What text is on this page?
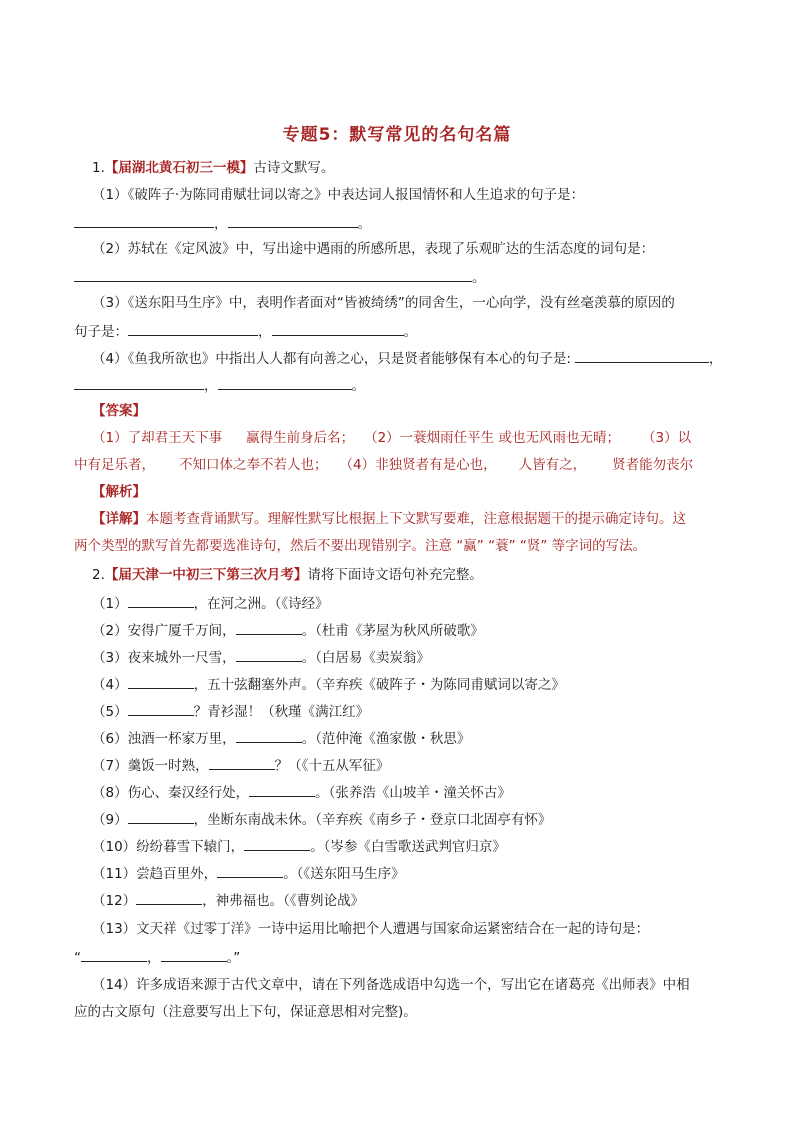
专题5：默写常见的名句名篇
1.【届湖北黄石初三一模】古诗文默写。
（1）《破阵子·为陈同甫赋壮词以寄之》中表达词人报国情怀和人生追求的句子是：
，	。
（2）苏轼在《定风波》中，写出途中遇雨的所感所思，表现了乐观旷达的生活态度的词句是：
。
（3）《送东阳马生序》中，表明作者面对“皆被绮绣”的同舍生，一心向学，没有丝毫羡慕的原因的
句子是：	，	。
（4）《鱼我所欲也》中指出人人都有向善之心，只是贤者能够保有本心的句子是:	，
，	。
【答案】
（1）了却君王天下事 赢得生前身后名； （2）一蓑烟雨任平生 或也无风雨也无晴； （3）以
中有足乐者， 不知口体之奉不若人也； （4）非独贤者有是心也， 人皆有之， 贤者能勿丧尔
【解析】
【详解】本题考查背诵默写。理解性默写比根据上下文默写要难，注意根据题干的提示确定诗句。这
两个类型的默写首先都要选准诗句，然后不要出现错别字。注意 “赢” “蓑” “贤” 等字词的写法。
2.【届天津一中初三下第三次月考】请将下面诗文语句补充完整。
（1）	，在河之洲。（《诗经》
（2）安得广厦千万间，	。（杜甫《茅屋为秋风所破歌》
（3）夜来城外一尺雪，	。（白居易《卖炭翁》
（4）	，五十弦翻塞外声。（辛弃疾《破阵子・为陈同甫赋词以寄之》
（5）	？青衫湿！（秋瑾《满江红》
（6）浊酒一杯家万里，	。（范仲淹《渔家傲・秋思》
（7）羹饭一时熟，	？（《十五从军征》
（8）伤心、秦汉经行处，	。（张养浩《山坡羊・潼关怀古》
（9）	，坐断东南战未休。（辛弃疾《南乡子・登京口北固亭有怀》
（10）纷纷暮雪下辕门，	。（岑参《白雪歌送武判官归京》
（11）尝趋百里外，	。（《送东阳马生序》
（12）	，神弗福也。（《曹刿论战》
（13）文天祥《过零丁洋》一诗中运用比喻把个人遭遇与国家命运紧密结合在一起的诗句是：
“	，	。”
（14）许多成语来源于古代文章中，请在下列备选成语中勾选一个，写出它在诸葛亮《出师表》中相
应的古文原句（注意要写出上下句，保证意思相对完整)。
